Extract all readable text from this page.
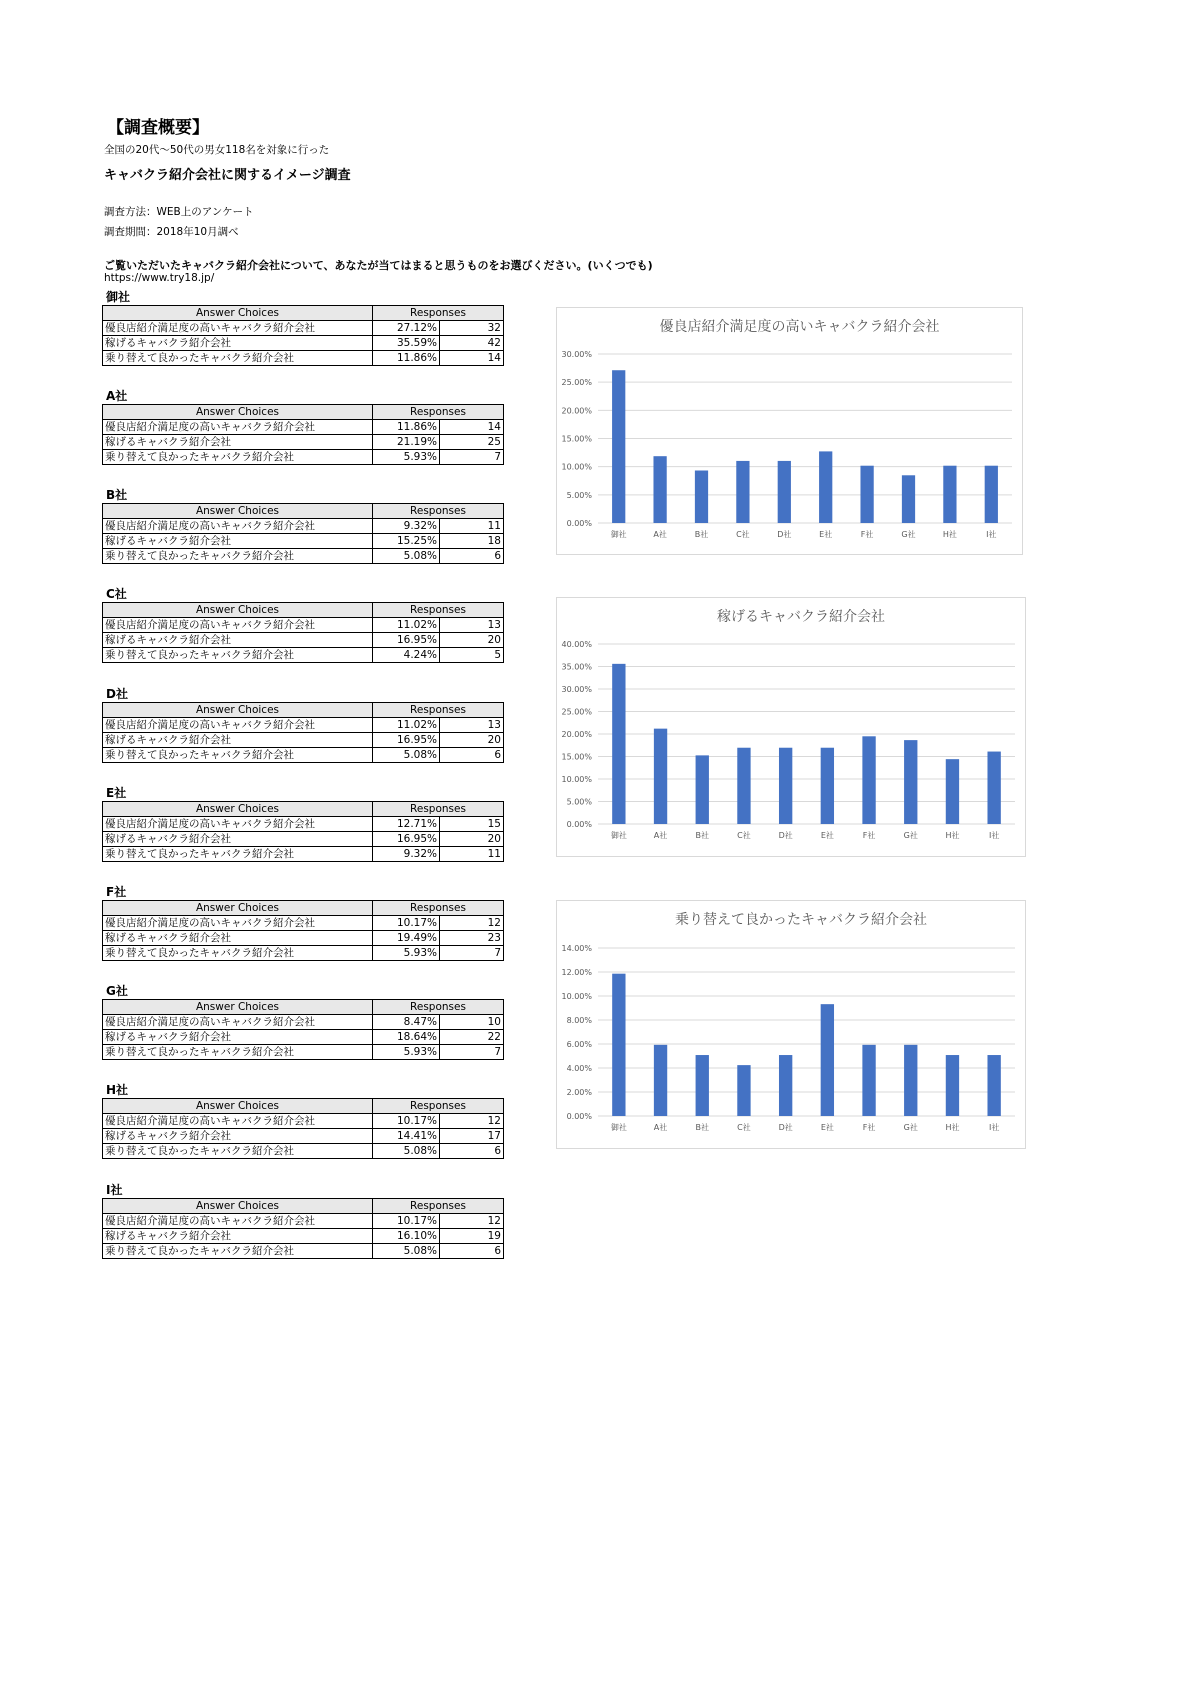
【調査概要】
全国の20代～50代の男女118名を対象に行った
キャバクラ紹介会社に関するイメージ調査
調査方法：WEB上のアンケート
調査期間：2018年10月調べ
ご覧いただいたキャバクラ紹介会社について、あなたが当てはまると思うものをお選びください。(いくつでも)
https://www.try18.jp/
御社
Answer Choices	Responses	
優良店紹介満足度の高いキャバクラ紹介会社	27.12%	32
稼げるキャバクラ紹介会社	35.59%	42
乗り替えて良かったキャバクラ紹介会社	11.86%	14
A社
Answer Choices	Responses	
優良店紹介満足度の高いキャバクラ紹介会社	11.86%	14
稼げるキャバクラ紹介会社	21.19%	25
乗り替えて良かったキャバクラ紹介会社	5.93%	7
B社
Answer Choices	Responses	
優良店紹介満足度の高いキャバクラ紹介会社	9.32%	11
稼げるキャバクラ紹介会社	15.25%	18
乗り替えて良かったキャバクラ紹介会社	5.08%	6
C社
Answer Choices	Responses	
優良店紹介満足度の高いキャバクラ紹介会社	11.02%	13
稼げるキャバクラ紹介会社	16.95%	20
乗り替えて良かったキャバクラ紹介会社	4.24%	5
D社
Answer Choices	Responses	
優良店紹介満足度の高いキャバクラ紹介会社	11.02%	13
稼げるキャバクラ紹介会社	16.95%	20
乗り替えて良かったキャバクラ紹介会社	5.08%	6
E社
Answer Choices	Responses	
優良店紹介満足度の高いキャバクラ紹介会社	12.71%	15
稼げるキャバクラ紹介会社	16.95%	20
乗り替えて良かったキャバクラ紹介会社	9.32%	11
F社
Answer Choices	Responses	
優良店紹介満足度の高いキャバクラ紹介会社	10.17%	12
稼げるキャバクラ紹介会社	19.49%	23
乗り替えて良かったキャバクラ紹介会社	5.93%	7
G社
Answer Choices	Responses	
優良店紹介満足度の高いキャバクラ紹介会社	8.47%	10
稼げるキャバクラ紹介会社	18.64%	22
乗り替えて良かったキャバクラ紹介会社	5.93%	7
H社
Answer Choices	Responses	
優良店紹介満足度の高いキャバクラ紹介会社	10.17%	12
稼げるキャバクラ紹介会社	14.41%	17
乗り替えて良かったキャバクラ紹介会社	5.08%	6
I社
Answer Choices	Responses	
優良店紹介満足度の高いキャバクラ紹介会社	10.17%	12
稼げるキャバクラ紹介会社	16.10%	19
乗り替えて良かったキャバクラ紹介会社	5.08%	6
優良店紹介満足度の高いキャバクラ紹介会社
0.00%
5.00%
10.00%
15.00%
20.00%
25.00%
30.00%
御社	A社	B社	C社	D社	E社	F社	G社	H社	I社
稼げるキャバクラ紹介会社
0.00%
5.00%
10.00%
15.00%
20.00%
25.00%
30.00%
35.00%
40.00%
御社	A社	B社	C社	D社	E社	F社	G社	H社	I社
乗り替えて良かったキャバクラ紹介会社
0.00%
2.00%
4.00%
6.00%
8.00%
10.00%
12.00%
14.00%
御社	A社	B社	C社	D社	E社	F社	G社	H社	I社
